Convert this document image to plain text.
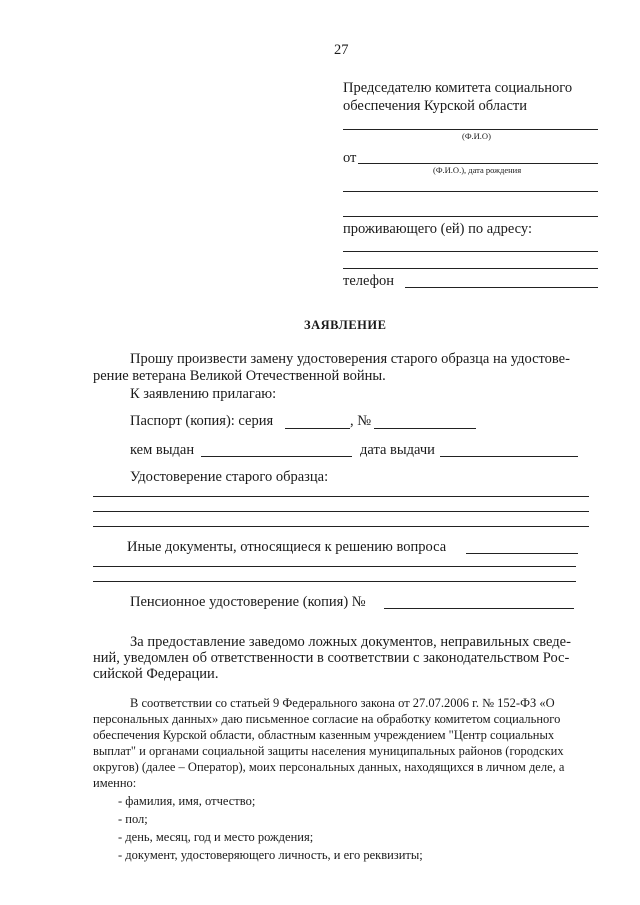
27
Председателю комитета социального
обеспечения Курской области
(Ф.И.О)
от
(Ф.И.О.), дата рождения
проживающего (ей) по адресу:
телефон
ЗАЯВЛЕНИЕ
Прошу произвести замену удостоверения старого образца на удостове-
рение ветерана Великой Отечественной войны.
К заявлению прилагаю:
Паспорт (копия): серия	, №
кем выдан	дата выдачи
Удостоверение старого образца:
Иные документы, относящиеся к решению вопроса
Пенсионное удостоверение (копия) №
За предоставление заведомо ложных документов, неправильных сведе-
ний, уведомлен об ответственности в соответствии с законодательством Рос-
сийской Федерации.
В соответствии со статьей 9 Федерального закона от 27.07.2006 г. № 152-ФЗ «О
персональных данных» даю письменное согласие на обработку комитетом социального
обеспечения Курской области, областным казенным учреждением "Центр социальных
выплат" и органами социальной защиты населения муниципальных районов (городских
округов) (далее – Оператор), моих персональных данных, находящихся в личном деле, а
именно:
- фамилия, имя, отчество;
- пол;
- день, месяц, год и место рождения;
- документ, удостоверяющего личность, и его реквизиты;
